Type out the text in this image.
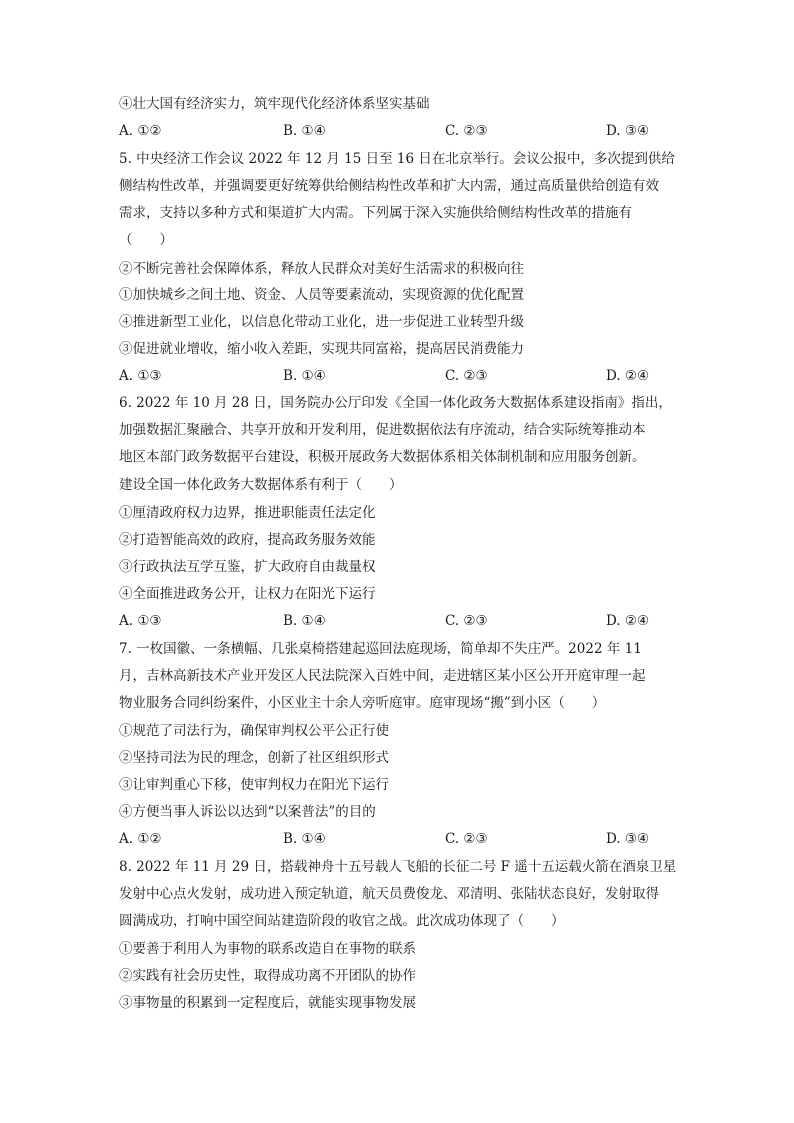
④壮大国有经济实力，筑牢现代化经济体系坚实基础
A. ①②	B. ①④	C. ②③	D. ③④
5. 中央经济工作会议 2022 年 12 月 15 日至 16 日在北京举行。会议公报中，多次提到供给
侧结构性改革，并强调要更好统筹供给侧结构性改革和扩大内需，通过高质量供给创造有效
需求，支持以多种方式和渠道扩大内需。下列属于深入实施供给侧结构性改革的措施有
（　　）
②不断完善社会保障体系，释放人民群众对美好生活需求的积极向往
①加快城乡之间土地、资金、人员等要素流动，实现资源的优化配置
④推进新型工业化，以信息化带动工业化，进一步促进工业转型升级
③促进就业增收，缩小收入差距，实现共同富裕，提高居民消费能力
A. ①③	B. ①④	C. ②③	D. ②④
6. 2022 年 10 月 28 日，国务院办公厅印发《全国一体化政务大数据体系建设指南》指出，
加强数据汇聚融合、共享开放和开发利用，促进数据依法有序流动，结合实际统筹推动本
地区本部门政务数据平台建设，积极开展政务大数据体系相关体制机制和应用服务创新。
建设全国一体化政务大数据体系有利于（　　）
①厘清政府权力边界，推进职能责任法定化
②打造智能高效的政府，提高政务服务效能
③行政执法互学互鉴，扩大政府自由裁量权
④全面推进政务公开，让权力在阳光下运行
A. ①③	B. ①④	C. ②③	D. ②④
7. 一枚国徽、一条横幅、几张桌椅搭建起巡回法庭现场，简单却不失庄严。2022 年 11
月，吉林高新技术产业开发区人民法院深入百姓中间，走进辖区某小区公开开庭审理一起
物业服务合同纠纷案件，小区业主十余人旁听庭审。庭审现场“搬”到小区（　　）
①规范了司法行为，确保审判权公平公正行使
②坚持司法为民的理念，创新了社区组织形式
③让审判重心下移，使审判权力在阳光下运行
④方便当事人诉讼以达到“以案普法”的目的
A. ①②	B. ①④	C. ②③	D. ③④
8. 2022 年 11 月 29 日，搭载神舟十五号载人飞船的长征二号 F 遥十五运载火箭在酒泉卫星
发射中心点火发射，成功进入预定轨道，航天员费俊龙、邓清明、张陆状态良好，发射取得
圆满成功，打响中国空间站建造阶段的收官之战。此次成功体现了（　　）
①要善于利用人为事物的联系改造自在事物的联系
②实践有社会历史性，取得成功离不开团队的协作
③事物量的积累到一定程度后，就能实现事物发展
